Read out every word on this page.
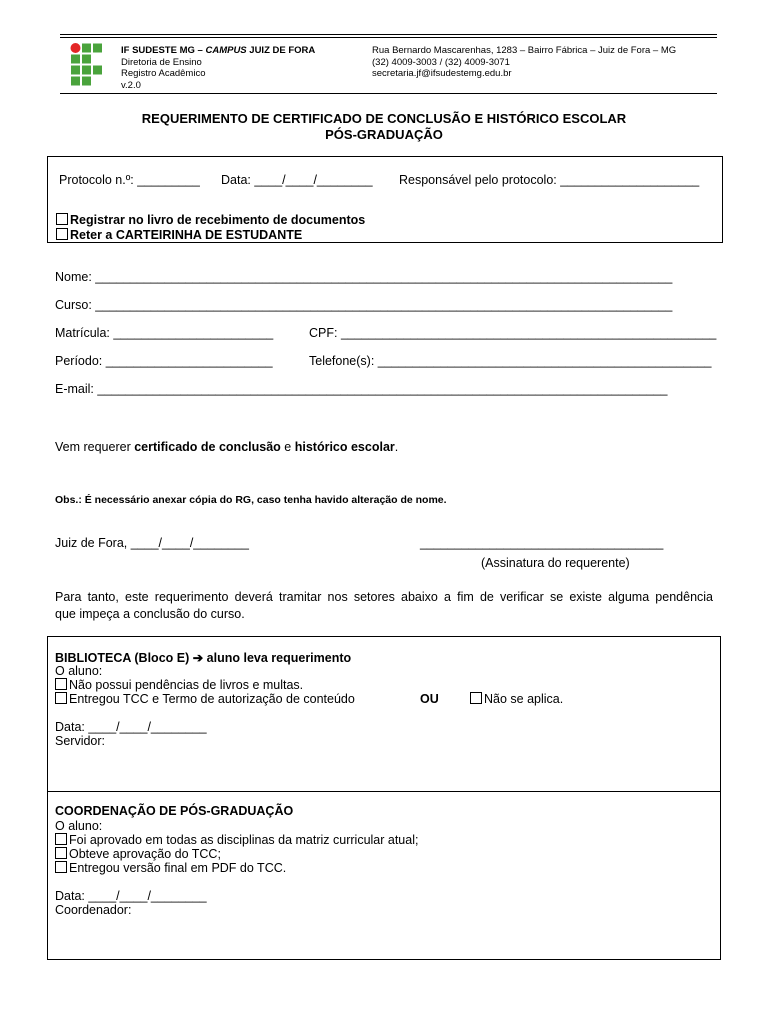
IF SUDESTE MG – CAMPUS JUIZ DE FORA
Diretoria de Ensino
Registro Acadêmico
v.2.0
Rua Bernardo Mascarenhas, 1283 – Bairro Fábrica – Juiz de Fora – MG
(32) 4009-3003 / (32) 4009-3071
secretaria.jf@ifsudestemg.edu.br
REQUERIMENTO DE CERTIFICADO DE CONCLUSÃO E HISTÓRICO ESCOLAR
PÓS-GRADUAÇÃO
Protocolo n.º: _________ Data: ____/____/________ Responsável pelo protocolo: ____________________
Registrar no livro de recebimento de documentos
Reter a CARTEIRINHA DE ESTUDANTE
Nome: ___________________________________________________________________________________
Curso: ___________________________________________________________________________________
Matrícula: _______________________	CPF: ______________________________________________________
Período: ________________________	Telefone(s): ________________________________________________
E-mail: __________________________________________________________________________________
Vem requerer certificado de conclusão e histórico escolar.
Obs.: É necessário anexar cópia do RG, caso tenha havido alteração de nome.
Juiz de Fora, ____/____/________	___________________________________
(Assinatura do requerente)
Para tanto, este requerimento deverá tramitar nos setores abaixo a fim de verificar se existe alguma pendência
que impeça a conclusão do curso.
BIBLIOTECA (Bloco E) ➔ aluno leva requerimento
O aluno:
Não possui pendências de livros e multas.
Entregou TCC e Termo de autorização de conteúdo	OU	Não se aplica.
Data: ____/____/________
Servidor:
COORDENAÇÃO DE PÓS-GRADUAÇÃO
O aluno:
Foi aprovado em todas as disciplinas da matriz curricular atual;
Obteve aprovação do TCC;
Entregou versão final em PDF do TCC.
Data: ____/____/________
Coordenador:
